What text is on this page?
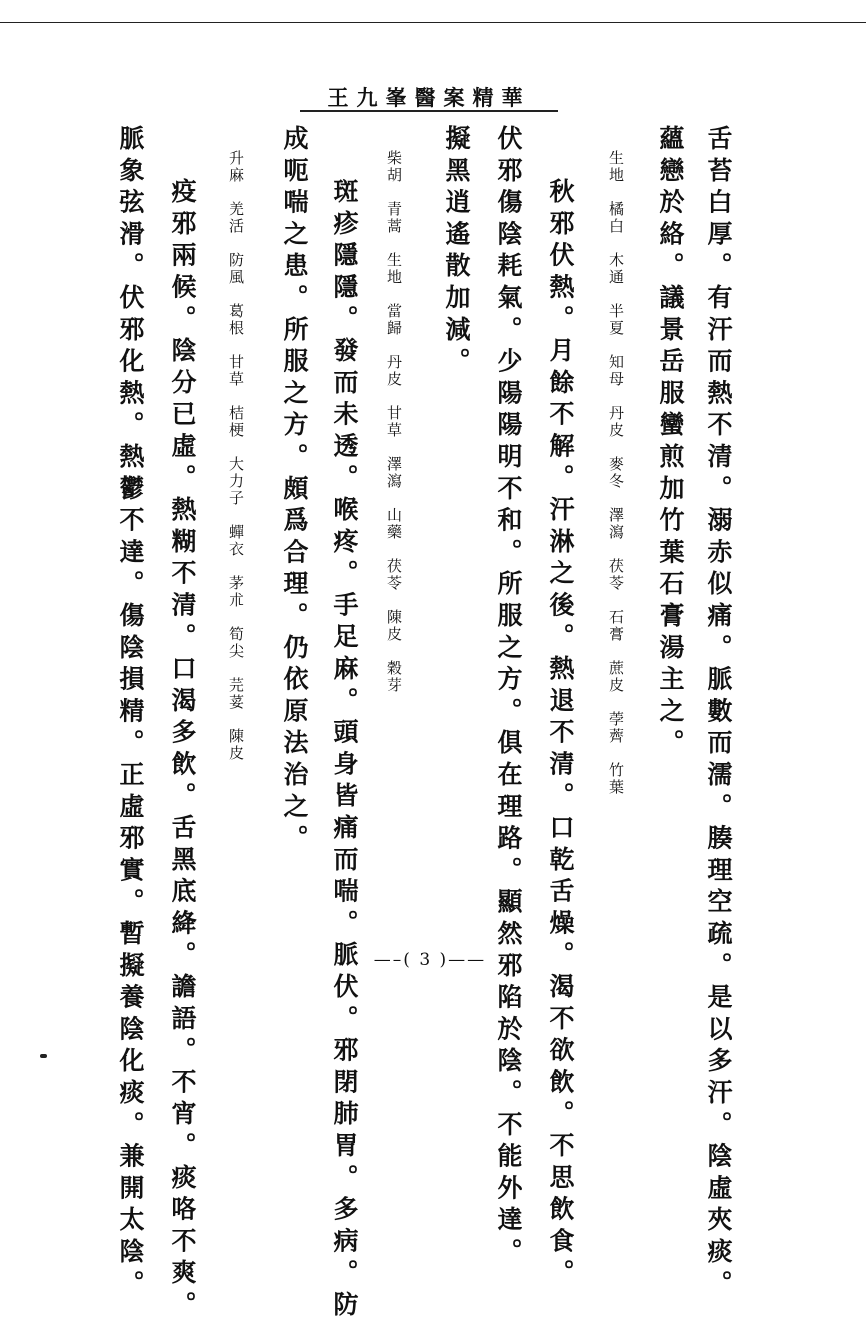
王九峯醫案精華
舌苔白厚。有汗而熱不清。溺赤似痛。脈數而濡。腠理空疏。是以多汗。陰虛夾痰。
蘊戀於絡。議景岳服蠻煎加竹葉石膏湯主之。
生地　橘白　木通　半夏　知母　丹皮　麥冬　澤瀉　茯苓　石膏　蔗皮　荸薺　竹葉
秋邪伏熱。月餘不解。汗淋之後。熱退不清。口乾舌燥。渴不欲飲。不思飲食。
伏邪傷陰耗氣。少陽陽明不和。所服之方。俱在理路。顯然邪陷於陰。不能外達。
擬黑逍遙散加減。
柴胡　青蒿　生地　當歸　丹皮　甘草　澤瀉　山藥　茯苓　陳皮　穀芽
斑疹隱隱。發而未透。喉疼。手足麻。頭身皆痛而喘。脈伏。邪閉肺胃。多病。防
成呃喘之患。所服之方。頗爲合理。仍依原法治之。
升麻　羌活　防風　葛根　甘草　桔梗　大力子　蟬衣　茅朮　筍尖　芫荽　陳皮
疫邪兩候。陰分已虛。熱糊不清。口渴多飲。舌黑底絳。譫語。不宵。痰咯不爽。
脈象弦滑。伏邪化熱。熱鬱不達。傷陰損精。正虛邪實。暫擬養陰化痰。兼開太陰。	—–( 3 )——
